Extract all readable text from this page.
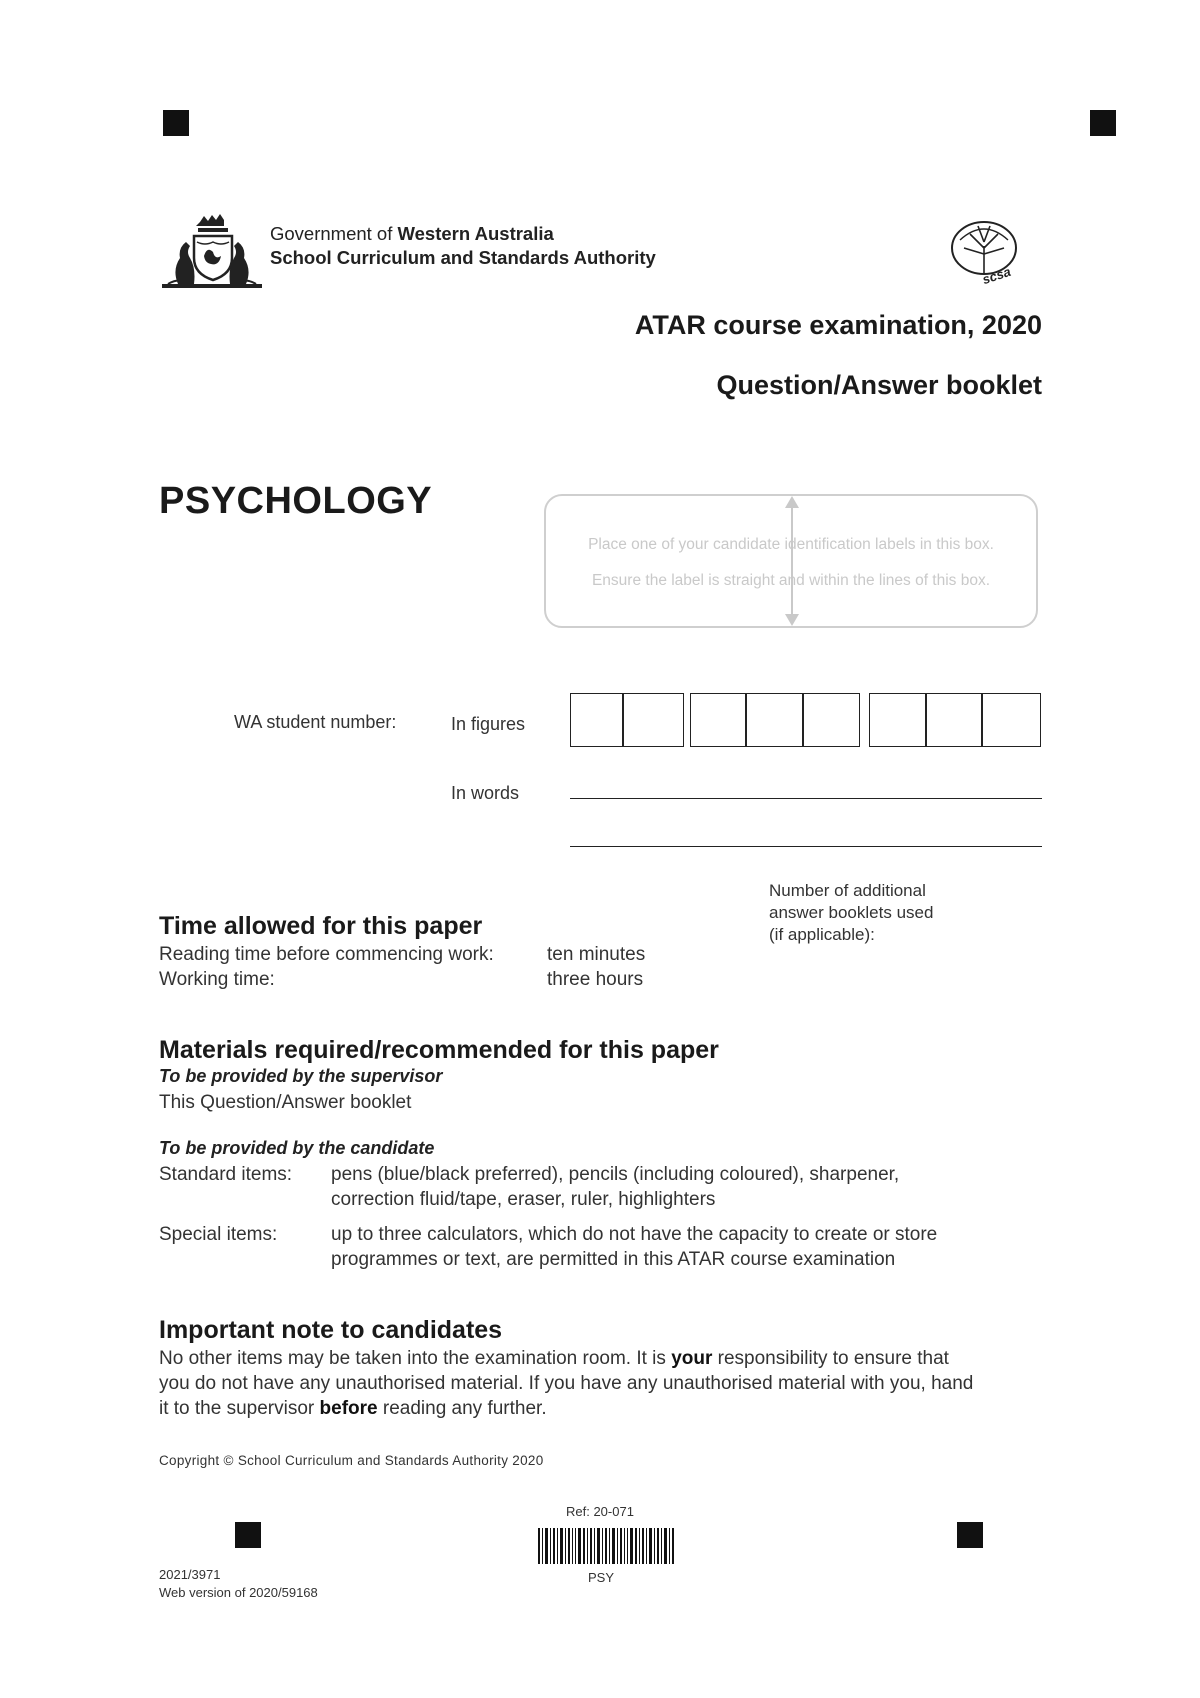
Government of Western Australia
School Curriculum and Standards Authority
scsa
ATAR course examination, 2020
Question/Answer booklet
PSYCHOLOGY
Place one of your candidate identification labels in this box.
Ensure the label is straight and within the lines of this box.
WA student number:	In figures
In words
Number of additional
answer booklets used
(if applicable):
Time allowed for this paper
Reading time before commencing work:	ten minutes
Working time:	three hours
Materials required/recommended for this paper
To be provided by the supervisor
This Question/Answer booklet
To be provided by the candidate
Standard items: pens (blue/black preferred), pencils (including coloured), sharpener,
correction fluid/tape, eraser, ruler, highlighters
Special items:	up to three calculators, which do not have the capacity to create or store
programmes or text, are permitted in this ATAR course examination
Important note to candidates
No other items may be taken into the examination room. It is your responsibility to ensure that
you do not have any unauthorised material. If you have any unauthorised material with you, hand
it to the supervisor before reading any further.
Copyright © School Curriculum and Standards Authority 2020
Ref: 20-071
PSY
2021/3971
Web version of 2020/59168
